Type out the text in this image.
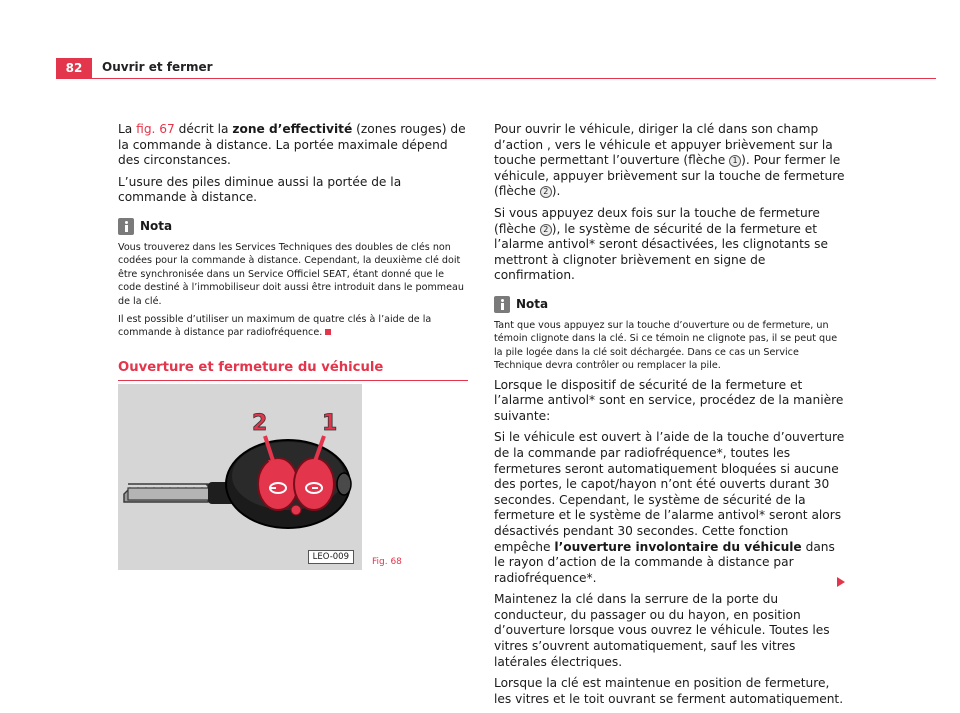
82	Ouvrir et fermer

La fig. 67 décrit la zone d’effectivité (zones rouges) de la commande à distance. La portée maximale dépend des circonstances.

L’usure des piles diminue aussi la portée de la commande à distance.

Nota

Vous trouverez dans les Services Techniques des doubles de clés non codées pour la commande à distance. Cependant, la deuxième clé doit être synchronisée dans un Service Officiel SEAT, étant donné que le code destiné à l’immobiliseur doit aussi être introduit dans le pommeau de la clé.

Il est possible d’utiliser un maximum de quatre clés à l’aide de la commande à distance par radiofréquence.

Ouverture et fermeture du véhicule
2 1
LEO-009	Fig. 68

Pour ouvrir le véhicule, diriger la clé dans son champ d’action , vers le véhicule et appuyer brièvement sur la touche permettant l’ouverture (flèche 1 ). Pour fermer le véhicule, appuyer brièvement sur la touche de fermeture (flèche 2 ).

Si vous appuyez deux fois sur la touche de fermeture (flèche 2 ), le système de sécurité de la fermeture et l’alarme antivol* seront désactivées, les clignotants se mettront à clignoter brièvement en signe de confirmation.

Nota

Tant que vous appuyez sur la touche d’ouverture ou de fermeture, un témoin clignote dans la clé. Si ce témoin ne clignote pas, il se peut que la pile logée dans la clé soit déchargée. Dans ce cas un Service Technique devra contrôler ou remplacer la pile.

Lorsque le dispositif de sécurité de la fermeture et l’alarme antivol* sont en service, procédez de la manière suivante:

Si le véhicule est ouvert à l’aide de la touche d’ouverture de la commande par radiofréquence*, toutes les fermetures seront automatiquement bloquées si aucune des portes, le capot/hayon n’ont été ouverts durant 30 secondes. Cependant, le système de sécurité de la fermeture et le système de l’alarme antivol* seront alors désactivés pendant 30 secondes. Cette fonction empêche l’ouverture involontaire du véhicule dans le rayon d’action de la commande à distance par radiofréquence*.

Maintenez la clé dans la serrure de la porte du conducteur, du passager ou du hayon, en position d’ouverture lorsque vous ouvrez le véhicule. Toutes les vitres s’ouvrent automatiquement, sauf les vitres latérales électriques.

Lorsque la clé est maintenue en position de fermeture, les vitres et le toit ouvrant se ferment automatiquement.
